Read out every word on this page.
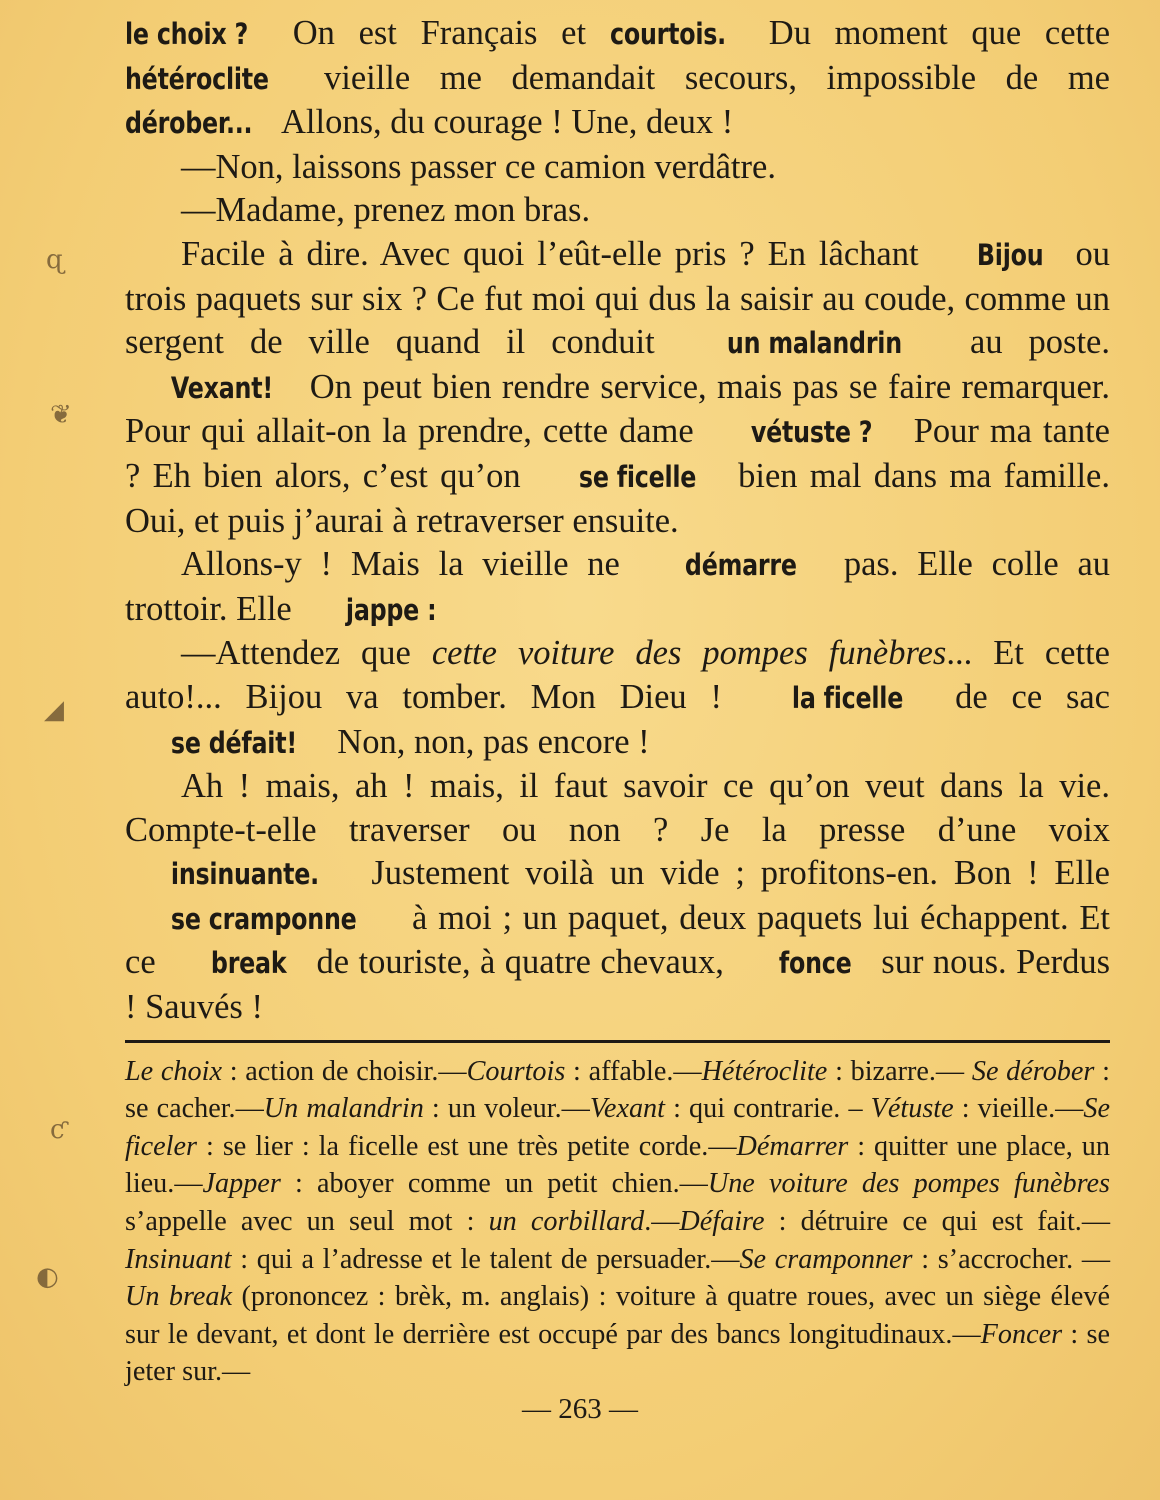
le choix ? On est Français et courtois. Du moment que cette hétéroclite vieille me demandait secours, impossible de me dérober... Allons, du courage ! Une, deux !

—Non, laissons passer ce camion verdâtre.

—Madame, prenez mon bras.

Facile à dire. Avec quoi l’eût-elle pris ? En lâchant Bijou ou trois paquets sur six ? Ce fut moi qui dus la saisir au coude, comme un sergent de ville quand il conduit un malandrin au poste. Vexant! On peut bien rendre service, mais pas se faire remarquer. Pour qui allait-on la prendre, cette dame vétuste ? Pour ma tante ? Eh bien alors, c’est qu’on se ficelle bien mal dans ma famille. Oui, et puis j’aurai à retraverser ensuite.

Allons-y ! Mais la vieille ne démarre pas. Elle colle au trottoir. Elle jappe :

—Attendez que cette voiture des pompes funèbres... Et cette auto!... Bijou va tomber. Mon Dieu ! la ficelle de ce sac se défait! Non, non, pas encore !

Ah ! mais, ah ! mais, il faut savoir ce qu’on veut dans la vie. Compte-t-elle traverser ou non ? Je la presse d’une voix insinuante. Justement voilà un vide ; profitons-en. Bon ! Elle se cramponne à moi ; un paquet, deux paquets lui échappent. Et ce break de touriste, à quatre chevaux, fonce sur nous. Perdus ! Sauvés !

Le choix : action de choisir.—Courtois : affable.—Hétéroclite : bizarre.— Se dérober : se cacher.—Un malandrin : un voleur.—Vexant : qui contrarie. – Vétuste : vieille.—Se ficeler : se lier : la ficelle est une très petite corde.—Démarrer : quitter une place, un lieu.—Japper : aboyer comme un petit chien.—Une voiture des pompes funèbres s’appelle avec un seul mot : un corbillard.—Défaire : détruire ce qui est fait.—Insinuant : qui a l’adresse et le talent de persuader.—Se cramponner : s’accrocher. —Un break (prononcez : brèk, m. anglais) : voiture à quatre roues, avec un siège élevé sur le devant, et dont le derrière est occupé par des bancs longitudinaux.—Foncer : se jeter sur.—

— 263 —
ɋ
❦
◢
ƈ
◐
